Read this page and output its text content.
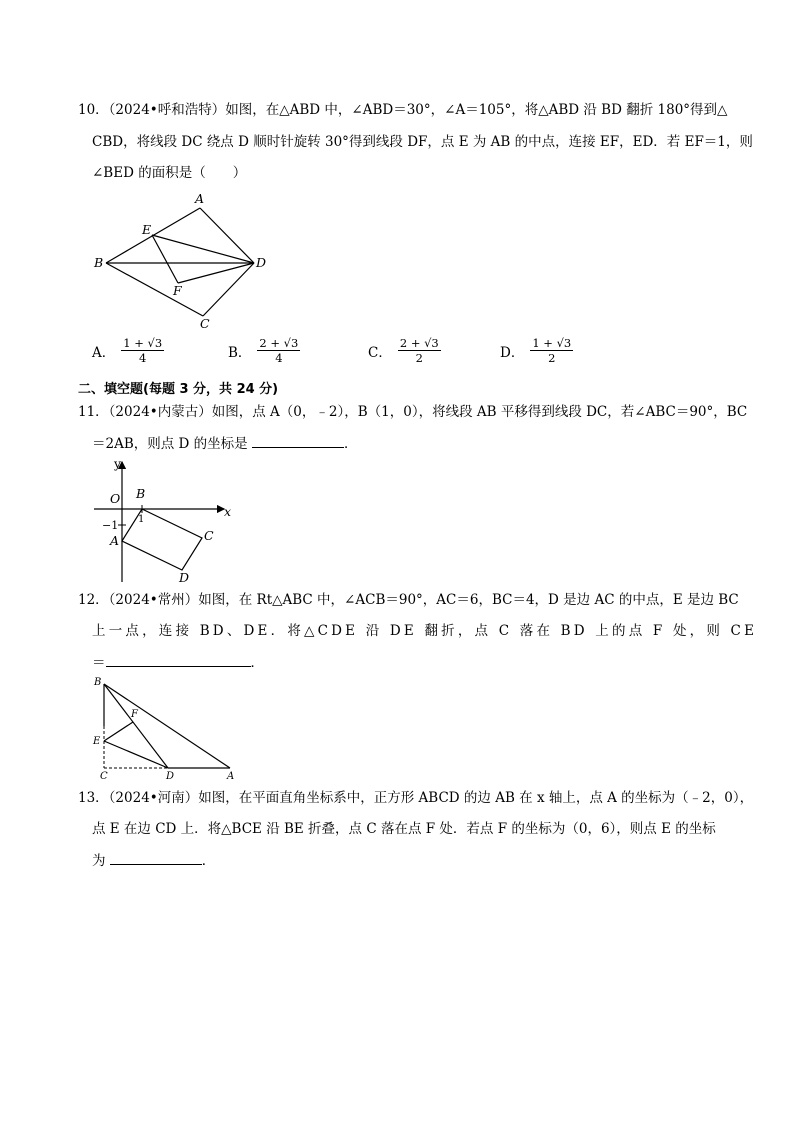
10．（2024•呼和浩特）如图，在△ABD 中，∠ABD＝30°，∠A＝105°，将△ABD 沿 BD 翻折 180°得到△
CBD，将线段 DC 绕点 D 顺时针旋转 30°得到线段 DF，点 E 为 AB 的中点，连接 EF，ED．若 EF＝1，则
∠BED 的面积是（　　）
A
E
B	D
F
C
A． $\frac{1 + √3}{4}$	B． $\frac{2 + √3}{4}$	C． $\frac{2 + √3}{2}$	D． $\frac{1 + √3}{2}$
二、填空题(每题 3 分，共 24 分)
11．（2024•内蒙古）如图，点 A（0，﹣2），B（1，0），将线段 AB 平移得到线段 DC，若∠ABC＝90°，BC
＝2AB，则点 D 的坐标是	．
y
x
O B
1
−1
A	C
D
12．（2024•常州）如图，在 Rt△ABC 中，∠ACB＝90°，AC＝6，BC＝4，D 是边 AC 的中点，E 是边 BC
上一点，连接 BD、DE．将△CDE 沿 DE 翻折，点 C 落在 BD 上的点 F 处，则 CE
＝	．
B
F
E
C	D	A
13．（2024•河南）如图，在平面直角坐标系中，正方形 ABCD 的边 AB 在 x 轴上，点 A 的坐标为（﹣2，0），
点 E 在边 CD 上．将△BCE 沿 BE 折叠，点 C 落在点 F 处．若点 F 的坐标为（0，6），则点 E 的坐标
为	．
